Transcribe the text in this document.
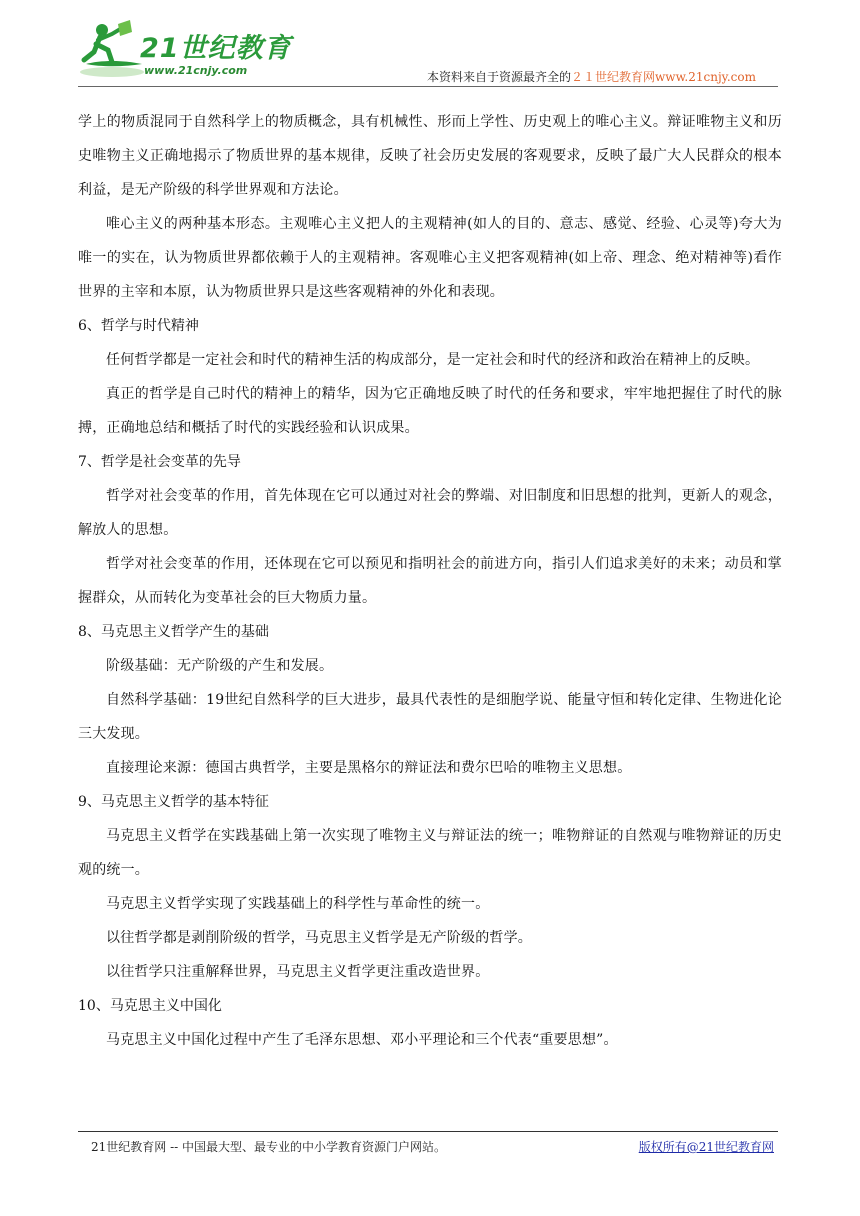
21世纪教育
www.21cnjy.com	本资料来自于资源最齐全的２１世纪教育网www.21cnjy.com

学上的物质混同于自然科学上的物质概念，具有机械性、形而上学性、历史观上的唯心主义。辩证唯物主义和历史唯物主义正确地揭示了物质世界的基本规律，反映了社会历史发展的客观要求，反映了最广大人民群众的根本利益，是无产阶级的科学世界观和方法论。

唯心主义的两种基本形态。主观唯心主义把人的主观精神(如人的目的、意志、感觉、经验、心灵等)夸大为唯一的实在，认为物质世界都依赖于人的主观精神。客观唯心主义把客观精神(如上帝、理念、绝对精神等)看作世界的主宰和本原，认为物质世界只是这些客观精神的外化和表现。

6、哲学与时代精神

任何哲学都是一定社会和时代的精神生活的构成部分，是一定社会和时代的经济和政治在精神上的反映。

真正的哲学是自己时代的精神上的精华，因为它正确地反映了时代的任务和要求，牢牢地把握住了时代的脉搏，正确地总结和概括了时代的实践经验和认识成果。

7、哲学是社会变革的先导

哲学对社会变革的作用，首先体现在它可以通过对社会的弊端、对旧制度和旧思想的批判，更新人的观念，解放人的思想。

哲学对社会变革的作用，还体现在它可以预见和指明社会的前进方向，指引人们追求美好的未来；动员和掌握群众，从而转化为变革社会的巨大物质力量。

8、马克思主义哲学产生的基础

阶级基础：无产阶级的产生和发展。

自然科学基础：19世纪自然科学的巨大进步，最具代表性的是细胞学说、能量守恒和转化定律、生物进化论三大发现。

直接理论来源：德国古典哲学，主要是黑格尔的辩证法和费尔巴哈的唯物主义思想。

9、马克思主义哲学的基本特征

马克思主义哲学在实践基础上第一次实现了唯物主义与辩证法的统一；唯物辩证的自然观与唯物辩证的历史观的统一。

马克思主义哲学实现了实践基础上的科学性与革命性的统一。

以往哲学都是剥削阶级的哲学，马克思主义哲学是无产阶级的哲学。

以往哲学只注重解释世界，马克思主义哲学更注重改造世界。

10、马克思主义中国化

马克思主义中国化过程中产生了毛泽东思想、邓小平理论和三个代表“重要思想”。

21世纪教育网 -- 中国最大型、最专业的中小学教育资源门户网站。	版权所有@21世纪教育网
